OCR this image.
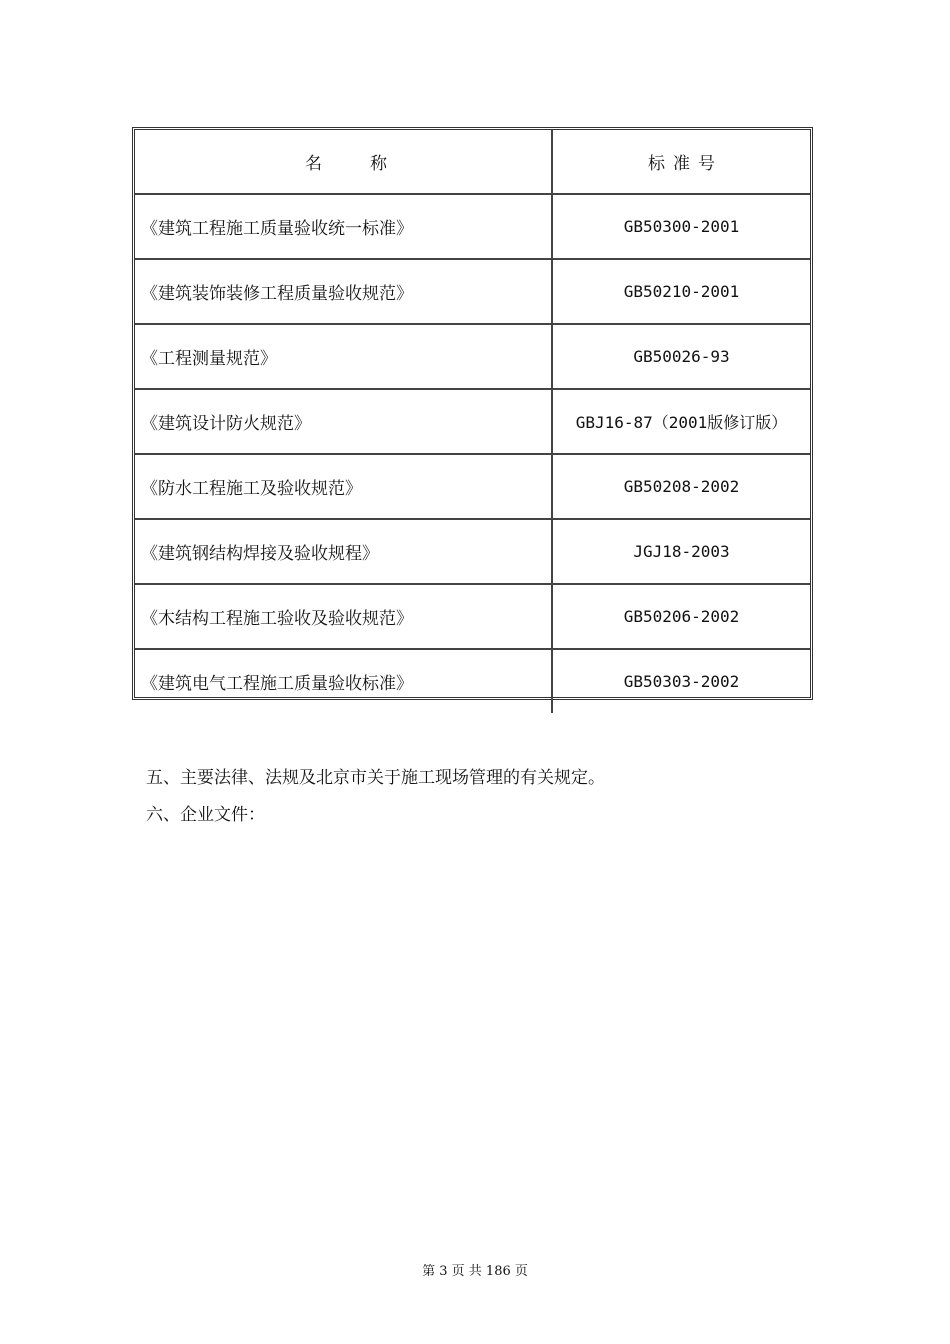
名称	标准号
《建筑工程施工质量验收统一标准》	GB50300-2001
《建筑装饰装修工程质量验收规范》	GB50210-2001
《工程测量规范》	GB50026-93
《建筑设计防火规范》	GBJ16-87（2001版修订版）
《防水工程施工及验收规范》	GB50208-2002
《建筑钢结构焊接及验收规程》	JGJ18-2003
《木结构工程施工验收及验收规范》	GB50206-2002
《建筑电气工程施工质量验收标准》	GB50303-2002
五、主要法律、法规及北京市关于施工现场管理的有关规定。
六、企业文件：
第 3 页 共 186 页
